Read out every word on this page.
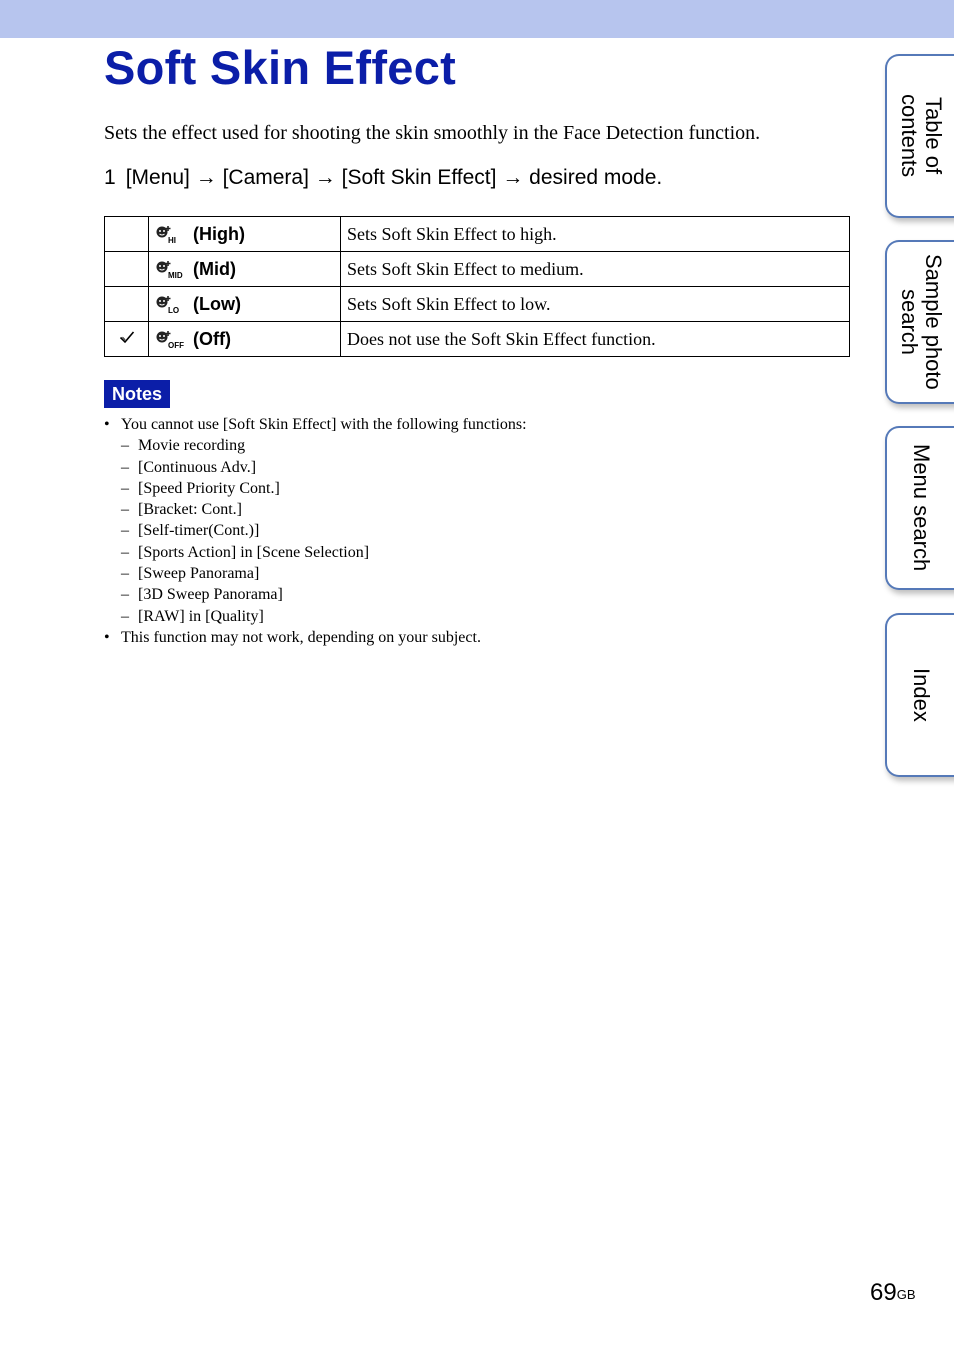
Soft Skin Effect
Sets the effect used for shooting the skin smoothly in the Face Detection function.
1 [Menu] → [Camera] → [Soft Skin Effect] → desired mode.

HI (High)	Sets Soft Skin Effect to high.

MID (Mid)	Sets Soft Skin Effect to medium.

LO (Low)	Sets Soft Skin Effect to low.

OFF (Off)	Does not use the Soft Skin Effect function.
Notes
• You cannot use [Soft Skin Effect] with the following functions:
– Movie recording
– [Continuous Adv.]
– [Speed Priority Cont.]
– [Bracket: Cont.]
– [Self-timer(Cont.)]
– [Sports Action] in [Scene Selection]
– [Sweep Panorama]
– [3D Sweep Panorama]
– [RAW] in [Quality]
• This function may not work, depending on your subject.
Table of contents
Sample photo search
Menu search
Index
$69^{GB}$
